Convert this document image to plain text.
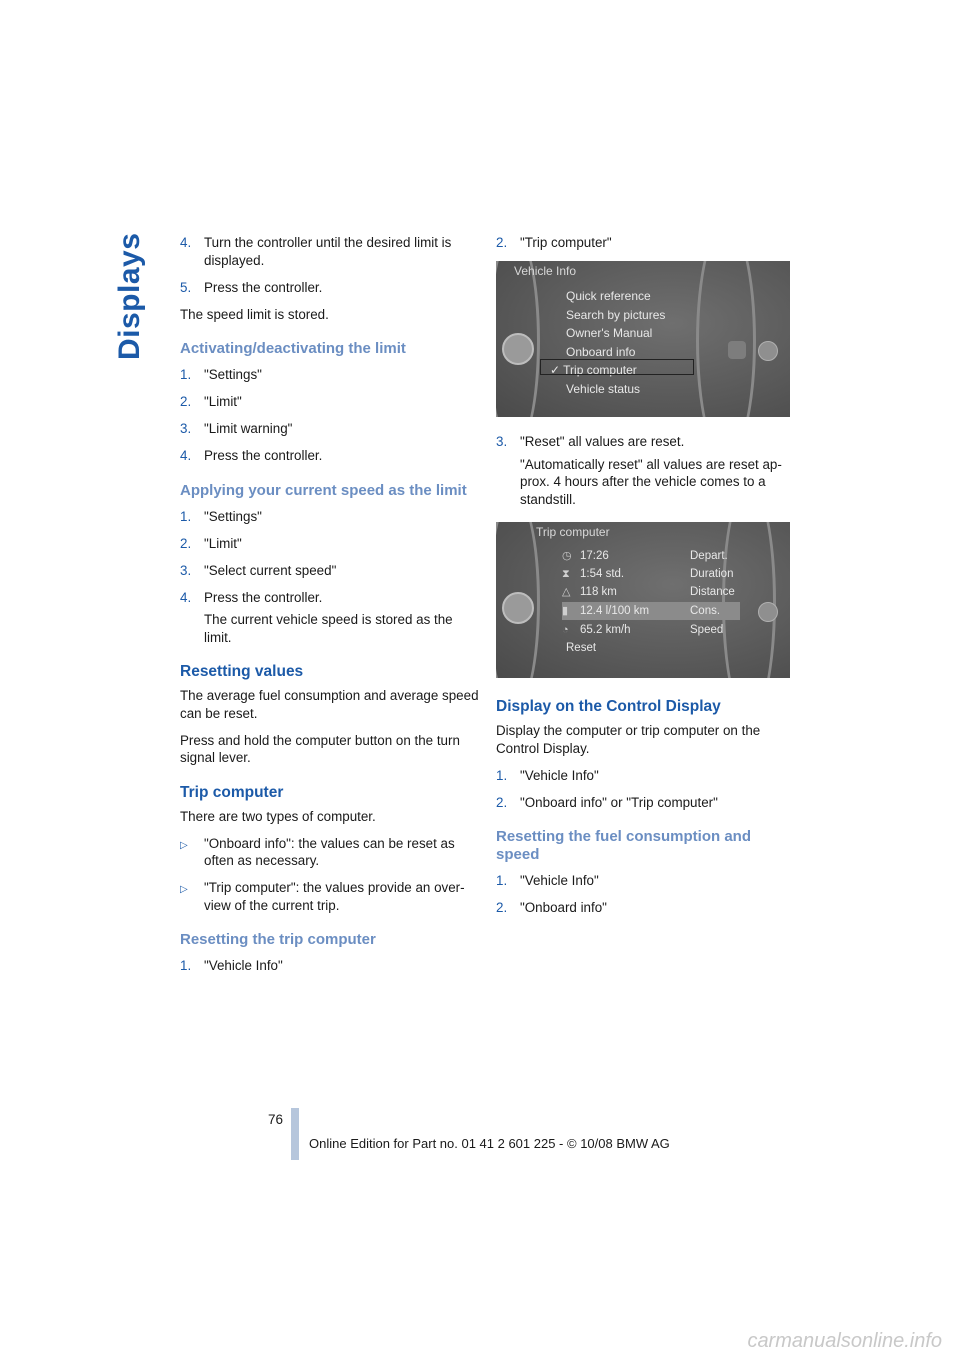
Displays	4. Turn the controller until the desired limit is displayed.
5. Press the controller.

The speed limit is stored.

Activating/deactivating the limit
1. "Settings"
2. "Limit"
3. "Limit warning"
4. Press the controller.
Applying your current speed as the limit
1. "Settings"
2. "Limit"
3. "Select current speed"
4. Press the controller.
The current vehicle speed is stored as the limit.
Resetting values

The average fuel consumption and average speed can be reset.

Press and hold the computer button on the turn signal lever.

Trip computer

There are two types of computer.

▷	"Onboard info": the values can be reset as often as necessary.
▷	"Trip computer": the values provide an overview of the current trip.
Resetting the trip computer
1. "Vehicle Info"
2. "Trip computer"
Vehicle Info
Quick reference
Search by pictures
Owner's Manual
Onboard info
✓ Trip computer
Vehicle status
3. "Reset" all values are reset.
"Automatically reset" all values are reset approx. 4 hours after the vehicle comes to a standstill.
Trip computer
◷ 17:26	Depart.
⧗ 1:54 std.	Duration
△ 118 km	Distance
▮	12.4 l/100 km	Cons.
◔ 65.2 km/h	Speed
Reset
Display on the Control Display

Display the computer or trip computer on the Control Display.

1. "Vehicle Info"
2. "Onboard info" or "Trip computer"
Resetting the fuel consumption and speed
1. "Vehicle Info"
2. "Onboard info"
76
Online Edition for Part no. 01 41 2 601 225 - © 10/08 BMW AG
carmanualsonline.info
